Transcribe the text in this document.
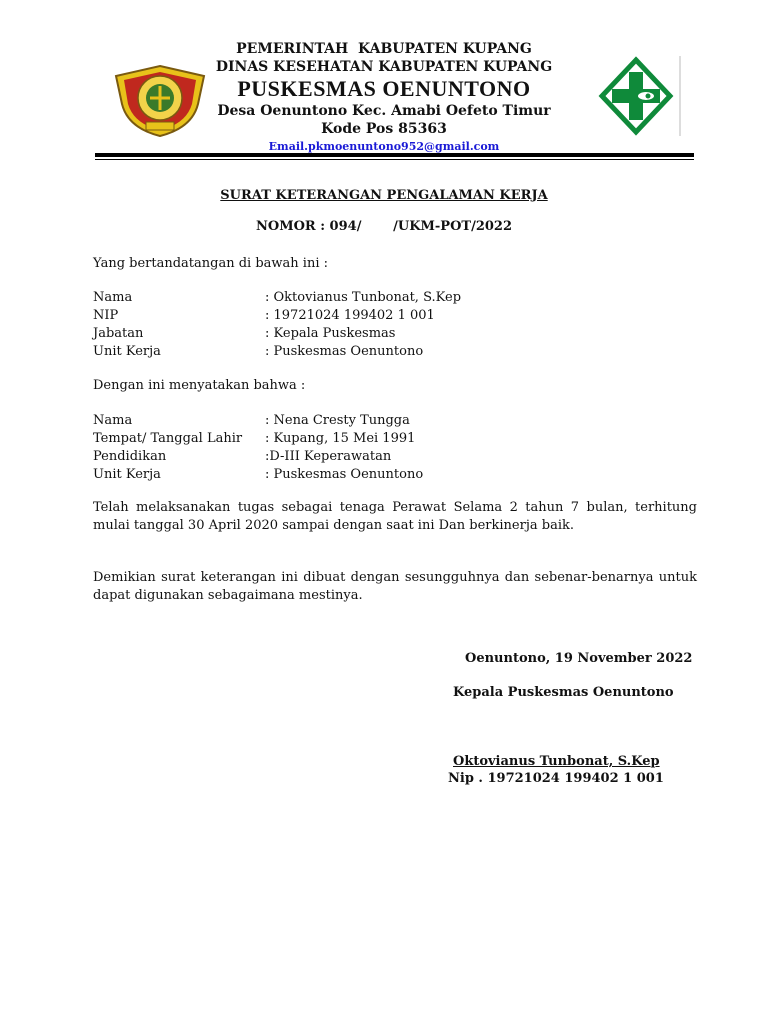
PEMERINTAH  KABUPATEN KUPANG
DINAS KESEHATAN KABUPATEN KUPANG
PUSKESMAS OENUNTONO
Desa Oenuntono Kec. Amabi Oefeto Timur
Kode Pos 85363
Email.pkmoenuntono952@gmail.com
SURAT KETERANGAN PENGALAMAN KERJA
NOMOR : 094/       /UKM-POT/2022
Yang bertandatangan di bawah ini :
Nama	: Oktovianus Tunbonat, S.Kep
NIP	: 19721024 199402 1 001
Jabatan	: Kepala Puskesmas
Unit Kerja	: Puskesmas Oenuntono
Dengan ini menyatakan bahwa :
Nama	: Nena Cresty Tungga
Tempat/ Tanggal Lahir : Kupang, 15 Mei 1991
Pendidikan	:D-III Keperawatan
Unit Kerja	: Puskesmas Oenuntono
Telah melaksanakan tugas sebagai tenaga Perawat Selama 2 tahun 7 bulan, terhitung mulai tanggal 30 April 2020 sampai dengan saat ini Dan berkinerja baik.
Demikian surat keterangan ini dibuat dengan sesungguhnya dan sebenar-benarnya untuk dapat digunakan sebagaimana mestinya.
Oenuntono, 19 November 2022
Kepala Puskesmas Oenuntono
Oktovianus Tunbonat, S.Kep
Nip . 19721024 199402 1 001
